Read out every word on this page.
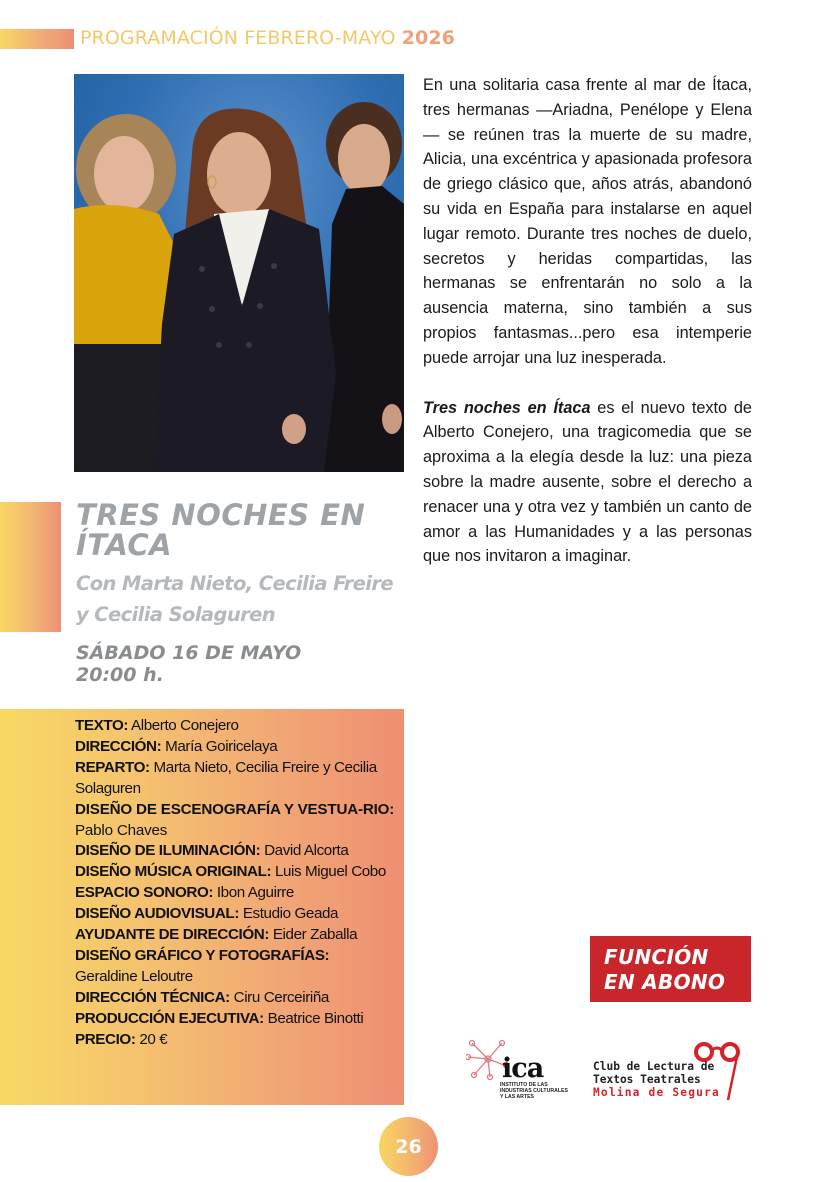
PROGRAMACIÓN FEBRERO-MAYO 2026
TRES NOCHES EN ÍTACA
Con Marta Nieto, Cecilia Freire
y Cecilia Solaguren
SÁBADO 16 DE MAYO
20:00 h.
TEXTO: Alberto Conejero
DIRECCIÓN: María Goiricelaya
REPARTO: Marta Nieto, Cecilia Freire y Cecilia Solaguren
DISEÑO DE ESCENOGRAFÍA Y VESTUA-RIO: Pablo Chaves
DISEÑO DE ILUMINACIÓN: David Alcorta
DISEÑO MÚSICA ORIGINAL: Luis Miguel Cobo
ESPACIO SONORO: Ibon Aguirre
DISEÑO AUDIOVISUAL: Estudio Geada
AYUDANTE DE DIRECCIÓN: Eider Zaballa
DISEÑO GRÁFICO Y FOTOGRAFÍAS: Geraldine Leloutre
DIRECCIÓN TÉCNICA: Ciru Cerceiriña
PRODUCCIÓN EJECUTIVA: Beatrice Binotti
PRECIO: 20 €

En una solitaria casa frente al mar de Ítaca, tres hermanas —Ariadna, Penélope y Elena— se reúnen tras la muerte de su madre, Alicia, una excéntrica y apasionada profesora de griego clásico que, años atrás, abandonó su vida en España para instalarse en aquel lugar remoto. Durante tres noches de duelo, secretos y heridas compartidas, las hermanas se enfrentarán no solo a la ausencia materna, sino también a sus propios fantasmas...pero esa intemperie puede arrojar una luz inesperada.

Tres noches en Ítaca es el nuevo texto de Alberto Conejero, una tragicomedia que se aproxima a la elegía desde la luz: una pieza sobre la madre ausente, sobre el derecho a renacer una y otra vez y también un canto de amor a las Humanidades y a las personas que nos invitaron a imaginar.

FUNCIÓN
EN ABONO
ica
INSTITUTO DE LAS INDUSTRIAS CULTURALES Y LAS ARTES
Club de Lectura de
Textos Teatrales
Molina de Segura
26
